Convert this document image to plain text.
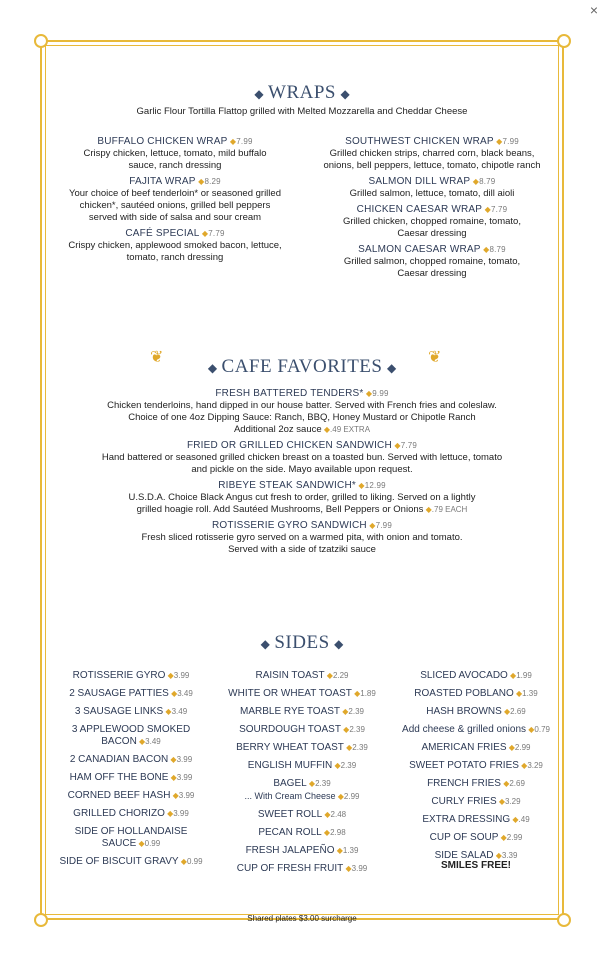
×
◆ WRAPS ◆
Garlic Flour Tortilla Flattop grilled with Melted Mozzarella and Cheddar Cheese
BUFFALO CHICKEN WRAP ◆7.99
Crispy chicken, lettuce, tomato, mild buffalo
sauce, ranch dressing
FAJITA WRAP ◆8.29
Your choice of beef tenderloin* or seasoned grilled
chicken*, sautéed onions, grilled bell peppers
served with side of salsa and sour cream
CAFÉ SPECIAL ◆7.79
Crispy chicken, applewood smoked bacon, lettuce,
tomato, ranch dressing
SOUTHWEST CHICKEN WRAP ◆7.99
Grilled chicken strips, charred corn, black beans,
onions, bell peppers, lettuce, tomato, chipotle ranch
SALMON DILL WRAP ◆8.79
Grilled salmon, lettuce, tomato, dill aioli
CHICKEN CAESAR WRAP ◆7.79
Grilled chicken, chopped romaine, tomato,
Caesar dressing
SALMON CAESAR WRAP ◆8.79
Grilled salmon, chopped romaine, tomato,
Caesar dressing
❦	❦
◆ CAFE FAVORITES ◆
FRESH BATTERED TENDERS* ◆9.99
Chicken tenderloins, hand dipped in our house batter. Served with French fries and coleslaw.
Choice of one 4oz Dipping Sauce: Ranch, BBQ, Honey Mustard or Chipotle Ranch
Additional 2oz sauce ◆.49 EXTRA
FRIED OR GRILLED CHICKEN SANDWICH ◆7.79
Hand battered or seasoned grilled chicken breast on a toasted bun. Served with lettuce, tomato
and pickle on the side. Mayo available upon request.
RIBEYE STEAK SANDWICH* ◆12.99
U.S.D.A. Choice Black Angus cut fresh to order, grilled to liking. Served on a lightly
grilled hoagie roll. Add Sautéed Mushrooms, Bell Peppers or Onions ◆.79 EACH
ROTISSERIE GYRO SANDWICH ◆7.99
Fresh sliced rotisserie gyro served on a warmed pita, with onion and tomato.
Served with a side of tzatziki sauce
◆ SIDES ◆
ROTISSERIE GYRO ◆3.99
2 SAUSAGE PATTIES ◆3.49
3 SAUSAGE LINKS ◆3.49
3 APPLEWOOD SMOKED
BACON ◆3.49
2 CANADIAN BACON ◆3.99
HAM OFF THE BONE ◆3.99
CORNED BEEF HASH ◆3.99
GRILLED CHORIZO ◆3.99
SIDE OF HOLLANDAISE
SAUCE ◆0.99
SIDE OF BISCUIT GRAVY ◆0.99
RAISIN TOAST ◆2.29
WHITE OR WHEAT TOAST ◆1.89
MARBLE RYE TOAST ◆2.39
SOURDOUGH TOAST ◆2.39
BERRY WHEAT TOAST ◆2.39
ENGLISH MUFFIN ◆2.39
BAGEL ◆2.39
... With Cream Cheese ◆2.99
SWEET ROLL ◆2.48
PECAN ROLL ◆2.98
FRESH JALAPEÑO ◆1.39
CUP OF FRESH FRUIT ◆3.99
SLICED AVOCADO ◆1.99
ROASTED POBLANO ◆1.39
HASH BROWNS ◆2.69
Add cheese & grilled onions ◆0.79
AMERICAN FRIES ◆2.99
SWEET POTATO FRIES ◆3.29
FRENCH FRIES ◆2.69
CURLY FRIES ◆3.29
EXTRA DRESSING ◆.49
CUP OF SOUP ◆2.99
SIDE SALAD ◆3.39
SMILES FREE!
Shared plates $3.00 surcharge
